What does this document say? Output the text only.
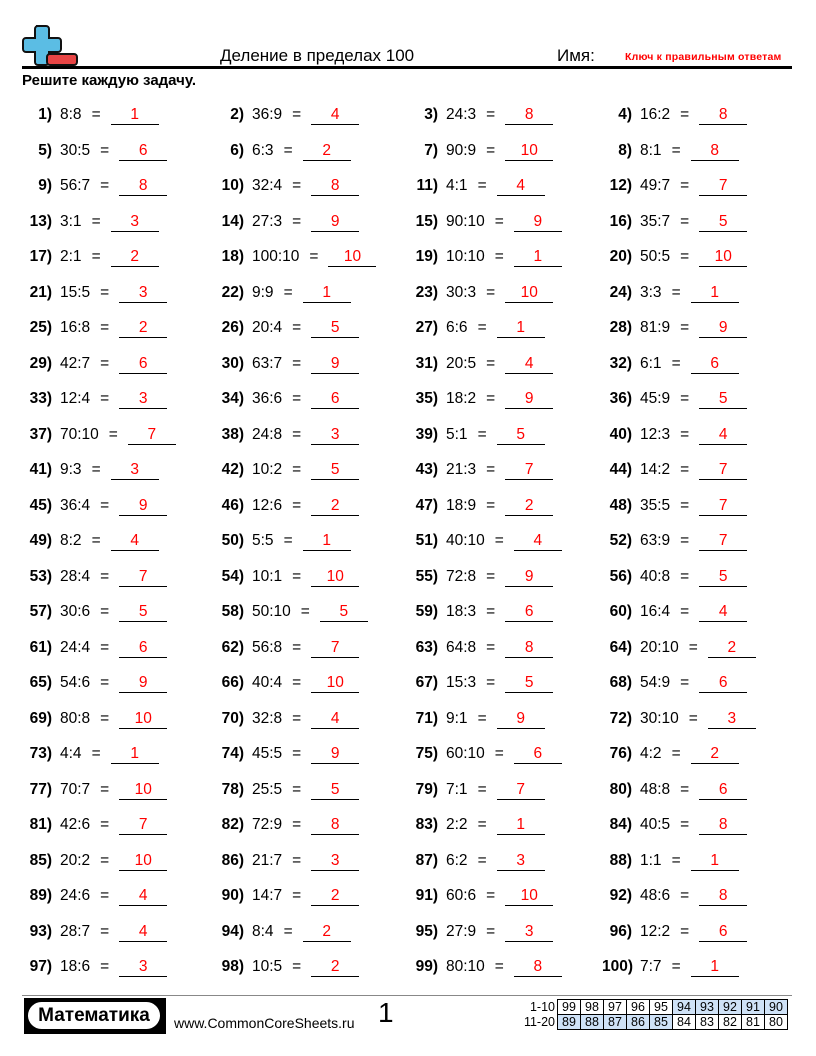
Деление в пределах 100	Имя:	Ключ к правильным ответам
Решите каждую задачу.
1) 8:8 =	1	2) 36:9 =	4	3) 24:3 =	8	4) 16:2 =	8
5) 30:5 =	6	6) 6:3 =	2	7) 90:9 =	10	8) 8:1 =	8
9) 56:7 =	8	10) 32:4 =	8	11) 4:1 =	4	12) 49:7 =	7
13) 3:1 =	3	14) 27:3 =	9	15) 90:10 =	9	16) 35:7 =	5
17) 2:1 =	2	18) 100:10 =	10	19) 10:10 =	1	20) 50:5 =	10
21) 15:5 =	3	22) 9:9 =	1	23) 30:3 =	10	24) 3:3 =	1
25) 16:8 =	2	26) 20:4 =	5	27) 6:6 =	1	28) 81:9 =	9
29) 42:7 =	6	30) 63:7 =	9	31) 20:5 =	4	32) 6:1 =	6
33) 12:4 =	3	34) 36:6 =	6	35) 18:2 =	9	36) 45:9 =	5
37) 70:10 =	7	38) 24:8 =	3	39) 5:1 =	5	40) 12:3 =	4
41) 9:3 =	3	42) 10:2 =	5	43) 21:3 =	7	44) 14:2 =	7
45) 36:4 =	9	46) 12:6 =	2	47) 18:9 =	2	48) 35:5 =	7
49) 8:2 =	4	50) 5:5 =	1	51) 40:10 =	4	52) 63:9 =	7
53) 28:4 =	7	54) 10:1 =	10	55) 72:8 =	9	56) 40:8 =	5
57) 30:6 =	5	58) 50:10 =	5	59) 18:3 =	6	60) 16:4 =	4
61) 24:4 =	6	62) 56:8 =	7	63) 64:8 =	8	64) 20:10 =	2
65) 54:6 =	9	66) 40:4 =	10	67) 15:3 =	5	68) 54:9 =	6
69) 80:8 =	10	70) 32:8 =	4	71) 9:1 =	9	72) 30:10 =	3
73) 4:4 =	1	74) 45:5 =	9	75) 60:10 =	6	76) 4:2 =	2
77) 70:7 =	10	78) 25:5 =	5	79) 7:1 =	7	80) 48:8 =	6
81) 42:6 =	7	82) 72:9 =	8	83) 2:2 =	1	84) 40:5 =	8
85) 20:2 =	10	86) 21:7 =	3	87) 6:2 =	3	88) 1:1 =	1
89) 24:6 =	4	90) 14:7 =	2	91) 60:6 =	10	92) 48:6 =	8
93) 28:7 =	4	94) 8:4 =	2	95) 27:9 =	3	96) 12:2 =	6
97) 18:6 =	3	98) 10:5 =	2	99) 80:10 =	8	100) 7:7 =	1
Математика	www.CommonCoreSheets.ru 1	1-10	99	98	97	96	95	94	93	92	91	90
11-20	89	88	87	86	85	84	83	82	81	80
